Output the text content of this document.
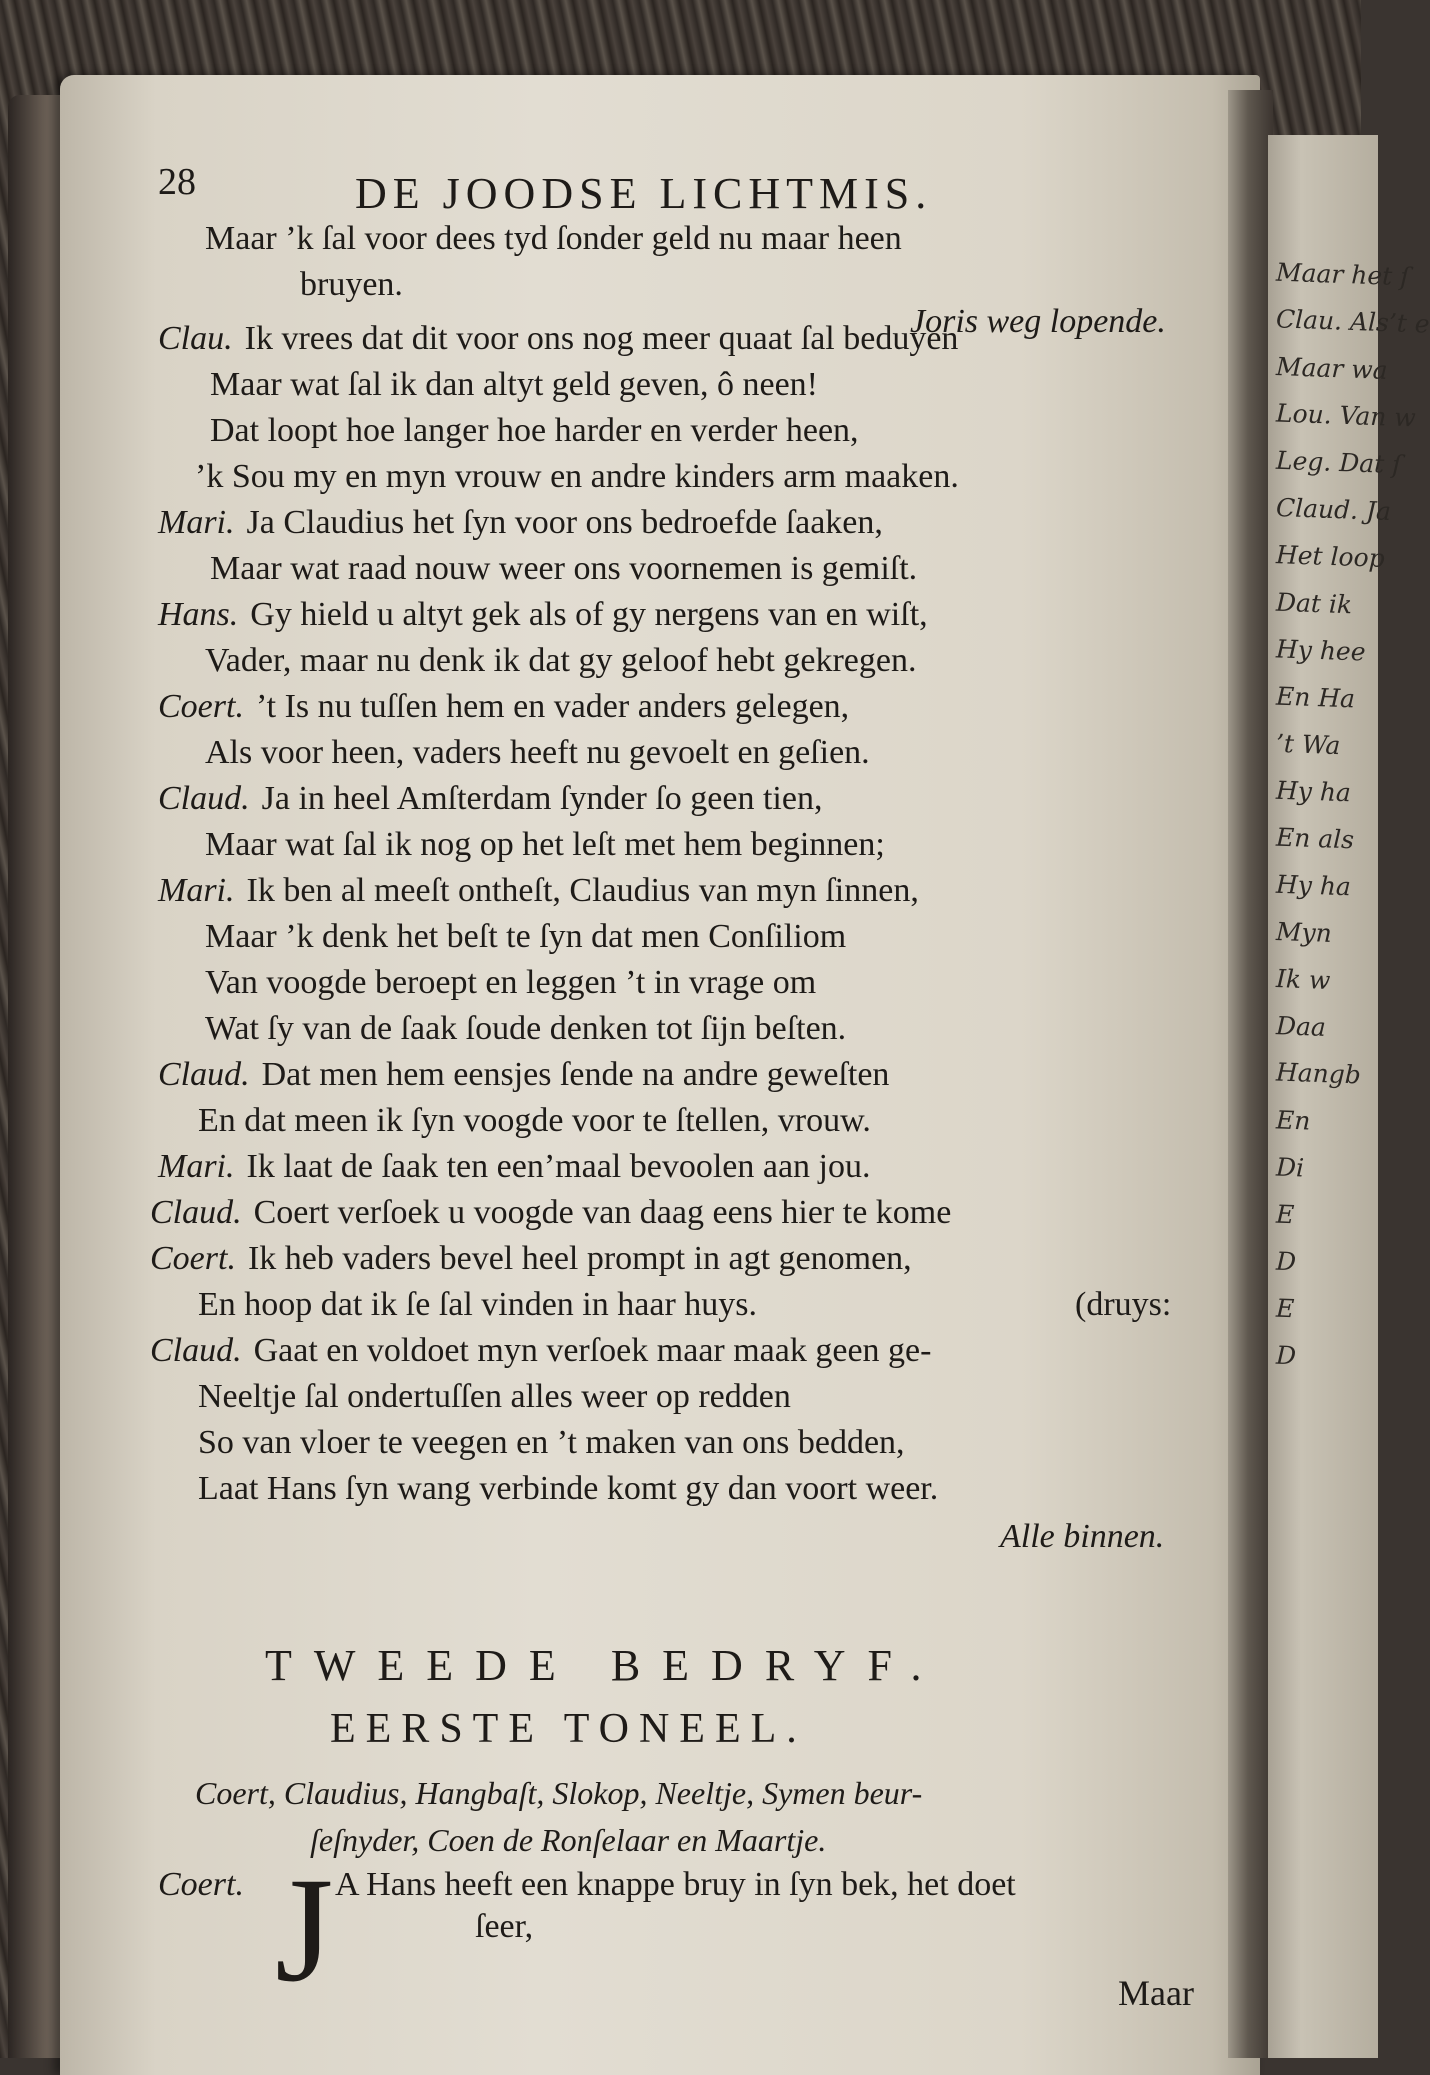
Maar het ſ
Clau. Als’t e
Maar wa
Lou. Van w
Leg. Dat ſ
Claud. Ja
Het loop
Dat ik
Hy hee
En Ha
’t Wa
Hy ha
En als
Hy ha
Myn
Ik w
Daa
Hangb
En
Di
E
D
E
D
28	DE JOODSE LICHTMIS.
Maar ’k ſal voor dees tyd ſonder geld nu maar heen
bruyen.
Joris weg lopende.
Clau. Ik vrees dat dit voor ons nog meer quaat ſal beduyen
Maar wat ſal ik dan altyt geld geven, ô neen!
Dat loopt hoe langer hoe harder en verder heen,
’k Sou my en myn vrouw en andre kinders arm maaken.
Mari. Ja Claudius het ſyn voor ons bedroefde ſaaken,
Maar wat raad nouw weer ons voornemen is gemiſt.
Hans. Gy hield u altyt gek als of gy nergens van en wiſt,
Vader, maar nu denk ik dat gy geloof hebt gekregen.
Coert. ’t Is nu tuſſen hem en vader anders gelegen,
Als voor heen, vaders heeft nu gevoelt en geſien.
Claud. Ja in heel Amſterdam ſynder ſo geen tien,
Maar wat ſal ik nog op het leſt met hem beginnen;
Mari. Ik ben al meeſt ontheſt, Claudius van myn ſinnen,
Maar ’k denk het beſt te ſyn dat men Conſiliom
Van voogde beroept en leggen ’t in vrage om
Wat ſy van de ſaak ſoude denken tot ſijn beſten.
Claud. Dat men hem eensjes ſende na andre geweſten
En dat meen ik ſyn voogde voor te ſtellen, vrouw.
Mari. Ik laat de ſaak ten een’maal bevoolen aan jou.
Claud. Coert verſoek u voogde van daag eens hier te kome
Coert. Ik heb vaders bevel heel prompt in agt genomen,
En hoop dat ik ſe ſal vinden in haar huys.	(druys:
Claud. Gaat en voldoet myn verſoek maar maak geen ge-
Neeltje ſal ondertuſſen alles weer op redden
So van vloer te veegen en ’t maken van ons bedden,
Laat Hans ſyn wang verbinde komt gy dan voort weer.
Alle binnen.
TWEEDE BEDRYF.
EERSTE TONEEL.
Coert, Claudius, Hangbaſt, Slokop, Neeltje, Symen beur-
ſeſnyder, Coen de Ronſelaar en Maartje.
Coert. J A Hans heeft een knappe bruy in ſyn bek, het doet
ſeer,
Maar
